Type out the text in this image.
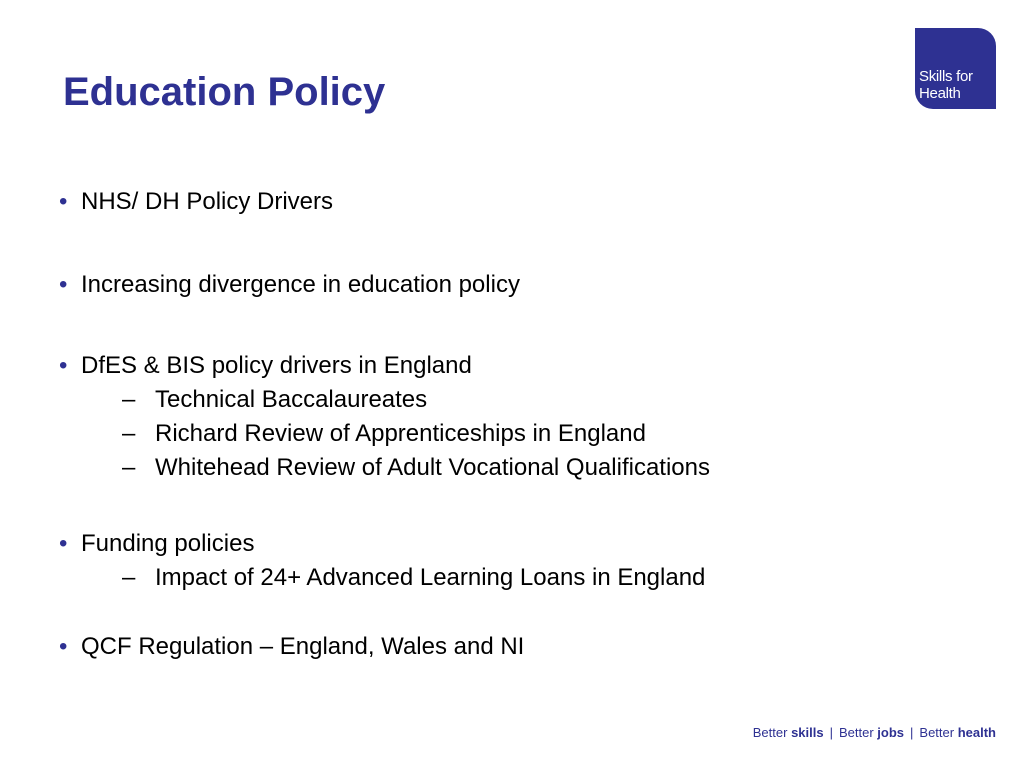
Education Policy	Skills for
Health
• NHS/ DH Policy Drivers
• Increasing divergence in education policy
• DfES & BIS policy drivers in England
– Technical Baccalaureates
– Richard Review of Apprenticeships in England
– Whitehead Review of Adult Vocational Qualifications
• Funding policies
– Impact of 24+ Advanced Learning Loans in England
• QCF Regulation – England, Wales and NI
Better skills | Better jobs | Better health
